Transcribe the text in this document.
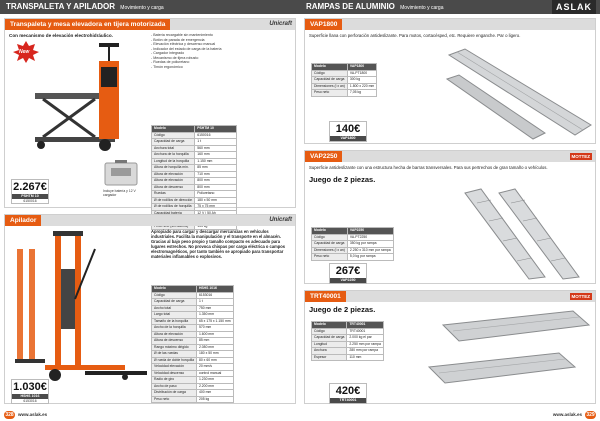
TRANSPALETA Y APILADOR Movimiento y carga
Transpaleta y mesa elevadora en tijera motorizada	Unicraft
Con mecanismo de elevación electrohidráulico.
New
- Batería recargable sin mantenimiento
- Botón de parada de emergencia
- Elevación eléctrica y descenso manual
- Indicador del estado de carga de la batería
- Cargador integrado
- Mecanismo de tijera robusto
- Ruedas de poliuretano
- Timón ergonómico
Modelo	PSHTM 10
Código	6150016
Capacidad de carga	1 t
Anchura total	560 mm
Anchura de la horquilla	160 mm
Longitud de la horquilla	1.150 mm
Altura de horquilla mín.	85 mm
Altura de elevación	710 mm
Altura de elevación	800 mm
Altura de descenso	800 mm
Ruedas	Poliuretano
Ø de rodillos de dirección	180 x 50 mm
Ø de rodillos de horquilla	75 x 75 mm
Capacidad batería	12 V / 50 Ah

Incluye batería y 12 V cargador
2.267€
PSHTM 10
6150016
Apilador	Unicraft
Apropiado para cargar y descargar mercancías en vehículos industriales. Facilita la manipulación y el transporte en el almacén. Gracias al bajo peso propio y tamaño compacto es adecuado para lugares estrechos. No provoca chispas por carga eléctrica o campos electromagnéticos, por tanto también se apropiado para transportar materiales inflamables o explosivos.
Modelo	HSHS 1016
Código	6153016
Capacidad de carga	1 t
Ancho total	750 mm
Largo total	1.350 mm
Tamaño de la horquilla	65 x 175 x 1.150 mm
Ancho de la horquilla	570 mm
Altura de elevación	1.600 mm
Altura de descenso	85 mm
Rango máximo dirigido	2.080 mm
Ø de las ruedas	180 x 50 mm
Ø rueda de doble horquilla	80 x 60 mm
Velocidad elevación	20 mm/s
Velocidad descenso	control manual
Radio de giro	1.230 mm
Ancho de paso	2.200 mm
Distribución de carga	400 mm
Peso neto	205 kg
1.030€
HSHS 1016
6153016
328 www.aslak.es
RAMPAS DE ALUMINIO Movimiento y carga	ASLAK
VAP1800
Superficie llana con perforación antideslizante. Para motos, cortacésped, etc. Requiere enganche. Par o ligero.
Modelo	VAP1800
Código	VA-PT1800
Capacidad de carga	300 kg
Dimensiones (l x an)	1.800 x 220 mm
Peso neto	7,05 kg
140€
VAP1800
VAP2250	MOTTEZ
Superficie antideslizante con una estructura hecha de barras transversales. Para sus pertrechos de gran tamaño o vehículos.
Juego de 2 piezas.
Modelo	VAP2250
Código	VA-PT2250
Capacidad de carga	350 kg por rampa
Dimensiones (l x an)	2.250 x 310 mm por rampa
Peso neto	5,0 kg por rampa
267€
VAP2250
TRT40001	MOTTEZ
Juego de 2 piezas.
Modelo	TRT40001
Código	TRT40001
Capacidad de carga	2.000 kg el par
Longitud	2.250 mm por rampa
Anchura	280 mm por rampa
Espesor	110 mm
420€
TRT40001
www.aslak.es 329
